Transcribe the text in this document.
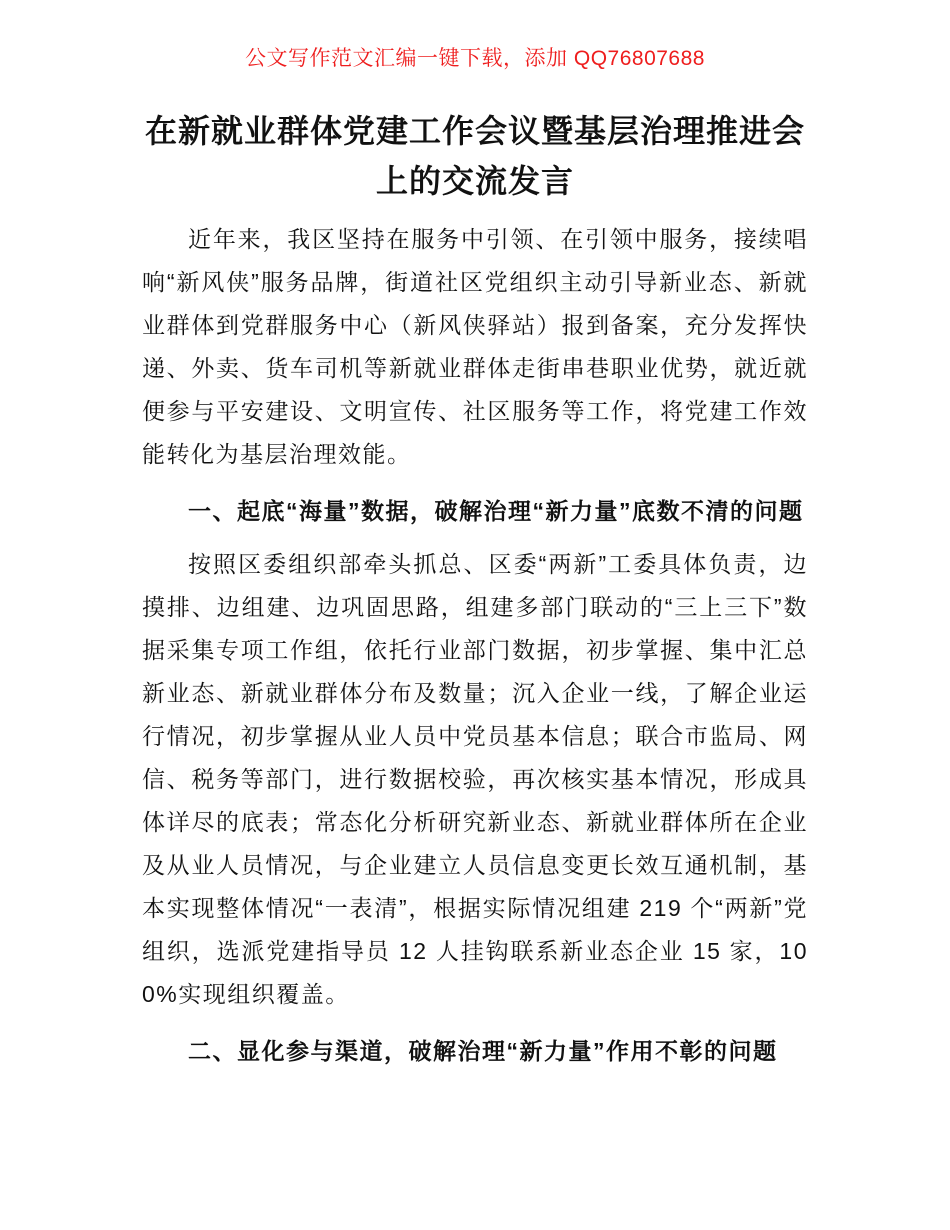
公文写作范文汇编一键下载，添加 QQ76807688
在新就业群体党建工作会议暨基层治理推进会上的交流发言

近年来，我区坚持在服务中引领、在引领中服务，接续唱响“新风侠”服务品牌，街道社区党组织主动引导新业态、新就业群体到党群服务中心（新风侠驿站）报到备案，充分发挥快递、外卖、货车司机等新就业群体走街串巷职业优势，就近就便参与平安建设、文明宣传、社区服务等工作，将党建工作效能转化为基层治理效能。

一、起底“海量”数据，破解治理“新力量”底数不清的问题

按照区委组织部牵头抓总、区委“两新”工委具体负责，边摸排、边组建、边巩固思路，组建多部门联动的“三上三下”数据采集专项工作组，依托行业部门数据，初步掌握、集中汇总新业态、新就业群体分布及数量；沉入企业一线，了解企业运行情况，初步掌握从业人员中党员基本信息；联合市监局、网信、税务等部门，进行数据校验，再次核实基本情况，形成具体详尽的底表；常态化分析研究新业态、新就业群体所在企业及从业人员情况，与企业建立人员信息变更长效互通机制，基本实现整体情况“一表清”，根据实际情况组建 219 个“两新”党组织，选派党建指导员 12 人挂钩联系新业态企业 15 家，100%实现组织覆盖。

二、显化参与渠道，破解治理“新力量”作用不彰的问题
